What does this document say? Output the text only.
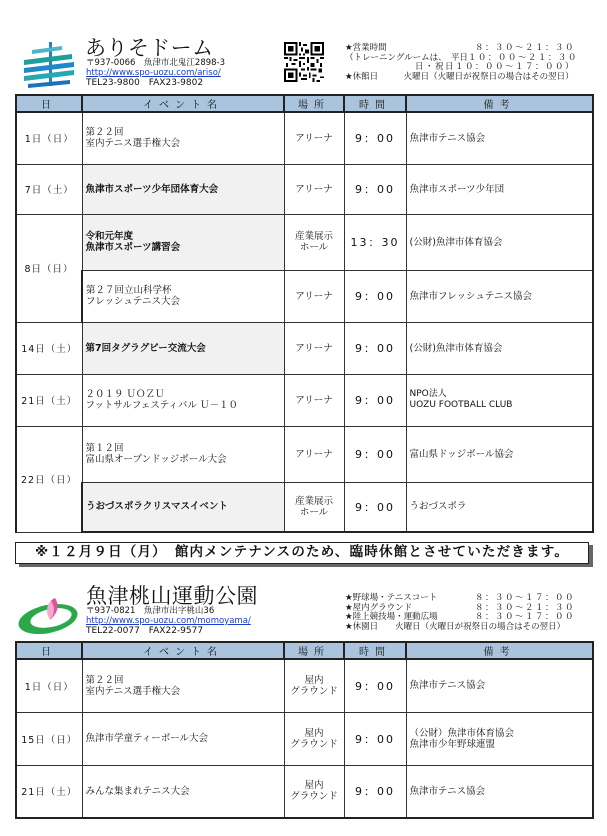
ありそドーム
〒937-0066　魚津市北鬼江2898-3
http://www.spo-uozu.com/ariso/
TEL23-9800　FAX23-9802
★営業時間	８：３０～２１：３０
（トレーニングルームは、　平日 １０：００～２１：３０
日・祝日１０：００～１７：００）
★休館日　　　火曜日（火曜日が祝祭日の場合はその翌日）
日	イベント名	場所	時間	備考
1日（日）	第２２回
室内テニス選手権大会	アリーナ	9：00	魚津市テニス協会
7日（土）	魚津市スポーツ少年団体育大会	アリーナ	9：00	魚津市スポーツ少年団
8日（日）	令和元年度
魚津市スポーツ講習会	産業展示
ホール	13：30	(公財)魚津市体育協会
	第２７回立山科学杯
フレッシュテニス大会	アリーナ	9：00	魚津市フレッシュテニス協会
14日（土）	第7回タグラグビー交流大会	アリーナ	9：00	(公財)魚津市体育協会
21日（土）	２０１９ ＵＯＺＵ
フットサルフェスティバル Ｕ－１０	アリーナ	9：00	NPO法人
UOZU FOOTBALL CLUB
22日（日）	第１２回
富山県オープンドッジボール大会	アリーナ	9：00	富山県ドッジボール協会
	うおづスポラクリスマスイベント	産業展示
ホール	9：00	うおづスポラ
※１２月９日（月）　館内メンテナンスのため、臨時休館とさせていただきます。
魚津桃山運動公園
〒937-0821　魚津市出字桃山36
http://www.spo-uozu.com/momoyama/
TEL22-0077　FAX22-9577
★野球場・テニスコート	８：３０～１７：００
★屋内グラウンド	８：３０～２１：３０
★陸上競技場・運動広場	８：３０～１７：００
★休園日　　火曜日（火曜日が祝祭日の場合はその翌日）
日	イベント名	場所	時間	備考
1日（日）	第２２回
室内テニス選手権大会	屋内
グラウンド	9：00	魚津市テニス協会
15日（日）	魚津市学童ティーボール大会	屋内
グラウンド	9：00	（公財）魚津市体育協会
魚津市少年野球連盟
21日（土）	みんな集まれテニス大会	屋内
グラウンド	9：00	魚津市テニス協会
